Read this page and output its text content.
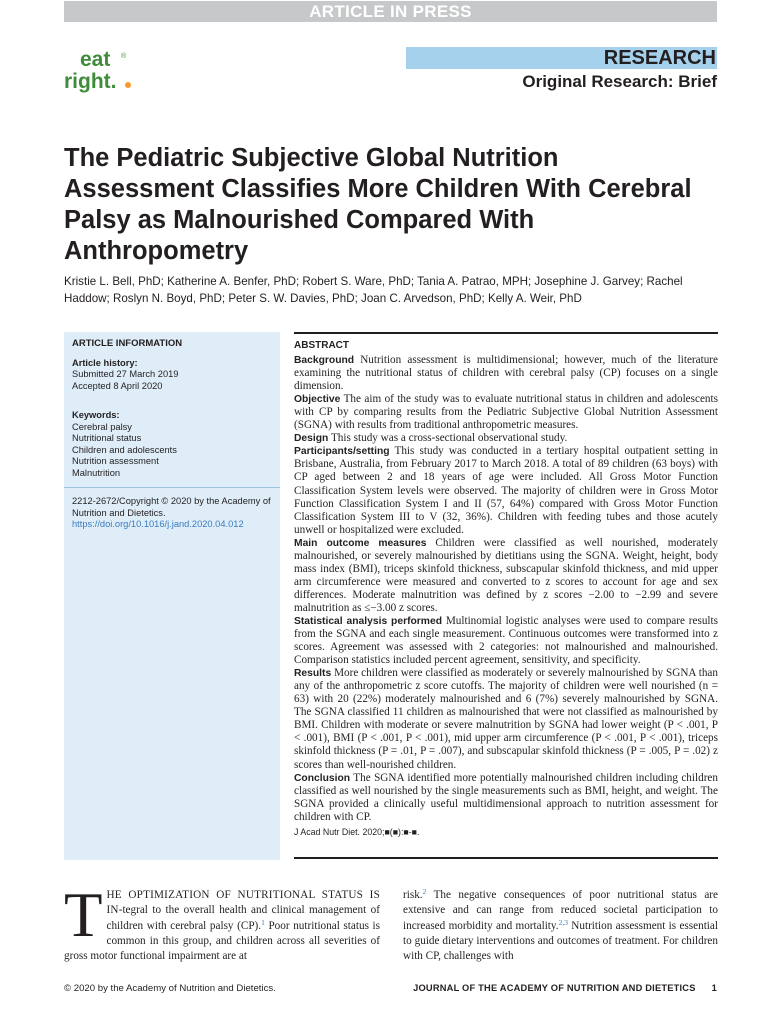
ARTICLE IN PRESS
eat ®
right.
RESEARCH
Original Research: Brief
The Pediatric Subjective Global Nutrition Assessment Classifies More Children With Cerebral Palsy as Malnourished Compared With Anthropometry
Kristie L. Bell, PhD; Katherine A. Benfer, PhD; Robert S. Ware, PhD; Tania A. Patrao, MPH; Josephine J. Garvey; Rachel Haddow; Roslyn N. Boyd, PhD; Peter S. W. Davies, PhD; Joan C. Arvedson, PhD; Kelly A. Weir, PhD
ARTICLE INFORMATION
Article history:
Submitted 27 March 2019
Accepted 8 April 2020
Keywords:
Cerebral palsy
Nutritional status
Children and adolescents
Nutrition assessment
Malnutrition
2212-2672/Copyright © 2020 by the Academy of Nutrition and Dietetics.
https://doi.org/10.1016/j.jand.2020.04.012
ABSTRACT

Background Nutrition assessment is multidimensional; however, much of the literature examining the nutritional status of children with cerebral palsy (CP) focuses on a single dimension.

Objective The aim of the study was to evaluate nutritional status in children and adolescents with CP by comparing results from the Pediatric Subjective Global Nutrition Assessment (SGNA) with results from traditional anthropometric measures.

Design This study was a cross-sectional observational study.

Participants/setting This study was conducted in a tertiary hospital outpatient setting in Brisbane, Australia, from February 2017 to March 2018. A total of 89 children (63 boys) with CP aged between 2 and 18 years of age were included. All Gross Motor Function Classification System levels were observed. The majority of children were in Gross Motor Function Classification System I and II (57, 64%) compared with Gross Motor Function Classification System III to V (32, 36%). Children with feeding tubes and those acutely unwell or hospitalized were excluded.

Main outcome measures Children were classified as well nourished, moderately malnourished, or severely malnourished by dietitians using the SGNA. Weight, height, body mass index (BMI), triceps skinfold thickness, subscapular skinfold thickness, and mid upper arm circumference were measured and converted to z scores to account for age and sex differences. Moderate malnutrition was defined by z scores −2.00 to −2.99 and severe malnutrition as ≤−3.00 z scores.

Statistical analysis performed Multinomial logistic analyses were used to compare results from the SGNA and each single measurement. Continuous outcomes were transformed into z scores. Agreement was assessed with 2 categories: not malnourished and malnourished. Comparison statistics included percent agreement, sensitivity, and specificity.

Results More children were classified as moderately or severely malnourished by SGNA than any of the anthropometric z score cutoffs. The majority of children were well nourished (n = 63) with 20 (22%) moderately malnourished and 6 (7%) severely malnourished by SGNA. The SGNA classified 11 children as malnourished that were not classified as malnourished by BMI. Children with moderate or severe malnutrition by SGNA had lower weight (P < .001, P < .001), BMI (P < .001, P < .001), mid upper arm circumference (P < .001, P < .001), triceps skinfold thickness (P = .01, P = .007), and subscapular skinfold thickness (P = .005, P = .02) z scores than well-nourished children.

Conclusion The SGNA identified more potentially malnourished children including children classified as well nourished by the single measurements such as BMI, height, and weight. The SGNA provided a clinically useful multidimensional approach to nutrition assessment for children with CP.

J Acad Nutr Diet. 2020;■(■):■-■.
THE OPTIMIZATION OF NUTRITIONAL STATUS IS IN-tegral to the overall health and clinical management of children with cerebral palsy (CP).$^1$ Poor nutritional status is common in this group, and children across all severities of gross motor functional impairment are at
risk.$^2$ The negative consequences of poor nutritional status are extensive and can range from reduced societal participation to increased morbidity and mortality.$^{2,3}$ Nutrition assessment is essential to guide dietary interventions and outcomes of treatment. For children with CP, challenges with
© 2020 by the Academy of Nutrition and Dietetics.	JOURNAL OF THE ACADEMY OF NUTRITION AND DIETETICS 1
